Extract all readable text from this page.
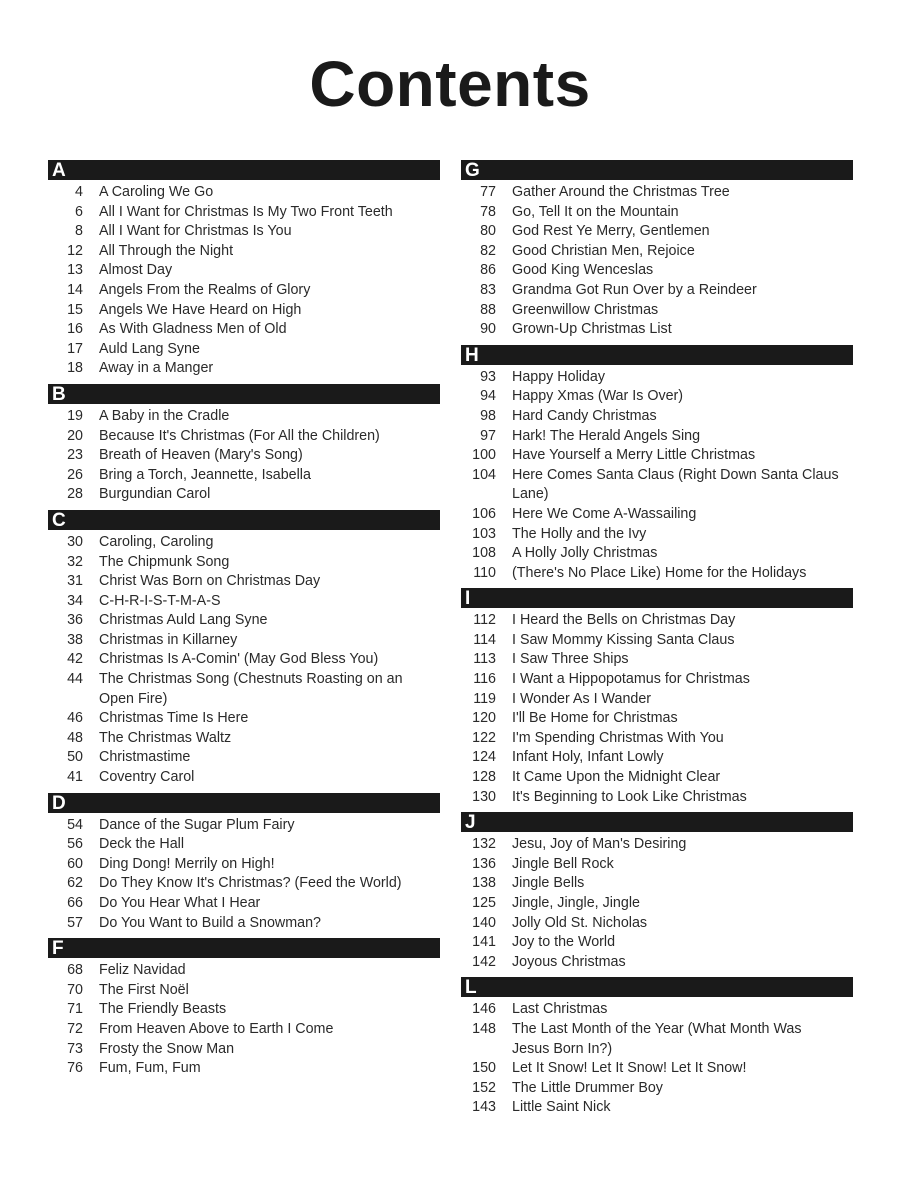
Contents
A
4 A Caroling We Go
6 All I Want for Christmas Is My Two Front Teeth
8 All I Want for Christmas Is You
12 All Through the Night
13 Almost Day
14 Angels From the Realms of Glory
15 Angels We Have Heard on High
16 As With Gladness Men of Old
17 Auld Lang Syne
18 Away in a Manger
B
19 A Baby in the Cradle
20 Because It's Christmas (For All the Children)
23 Breath of Heaven (Mary's Song)
26 Bring a Torch, Jeannette, Isabella
28 Burgundian Carol
C
30 Caroling, Caroling
32 The Chipmunk Song
31 Christ Was Born on Christmas Day
34 C-H-R-I-S-T-M-A-S
36 Christmas Auld Lang Syne
38 Christmas in Killarney
42 Christmas Is A-Comin' (May God Bless You)
44 The Christmas Song (Chestnuts Roasting on an Open Fire)
46 Christmas Time Is Here
48 The Christmas Waltz
50 Christmastime
41 Coventry Carol
D
54 Dance of the Sugar Plum Fairy
56 Deck the Hall
60 Ding Dong! Merrily on High!
62 Do They Know It's Christmas? (Feed the World)
66 Do You Hear What I Hear
57 Do You Want to Build a Snowman?
F
68 Feliz Navidad
70 The First Noël
71 The Friendly Beasts
72 From Heaven Above to Earth I Come
73 Frosty the Snow Man
76 Fum, Fum, Fum
G
77 Gather Around the Christmas Tree
78 Go, Tell It on the Mountain
80 God Rest Ye Merry, Gentlemen
82 Good Christian Men, Rejoice
86 Good King Wenceslas
83 Grandma Got Run Over by a Reindeer
88 Greenwillow Christmas
90 Grown-Up Christmas List
H
93 Happy Holiday
94 Happy Xmas (War Is Over)
98 Hard Candy Christmas
97 Hark! The Herald Angels Sing
100 Have Yourself a Merry Little Christmas
104 Here Comes Santa Claus (Right Down Santa Claus Lane)
106 Here We Come A-Wassailing
103 The Holly and the Ivy
108 A Holly Jolly Christmas
110 (There's No Place Like) Home for the Holidays
I
112 I Heard the Bells on Christmas Day
114 I Saw Mommy Kissing Santa Claus
113 I Saw Three Ships
116 I Want a Hippopotamus for Christmas
119 I Wonder As I Wander
120 I'll Be Home for Christmas
122 I'm Spending Christmas With You
124 Infant Holy, Infant Lowly
128 It Came Upon the Midnight Clear
130 It's Beginning to Look Like Christmas
J
132 Jesu, Joy of Man's Desiring
136 Jingle Bell Rock
138 Jingle Bells
125 Jingle, Jingle, Jingle
140 Jolly Old St. Nicholas
141 Joy to the World
142 Joyous Christmas
L
146 Last Christmas
148 The Last Month of the Year (What Month Was Jesus Born In?)
150 Let It Snow! Let It Snow! Let It Snow!
152 The Little Drummer Boy
143 Little Saint Nick
